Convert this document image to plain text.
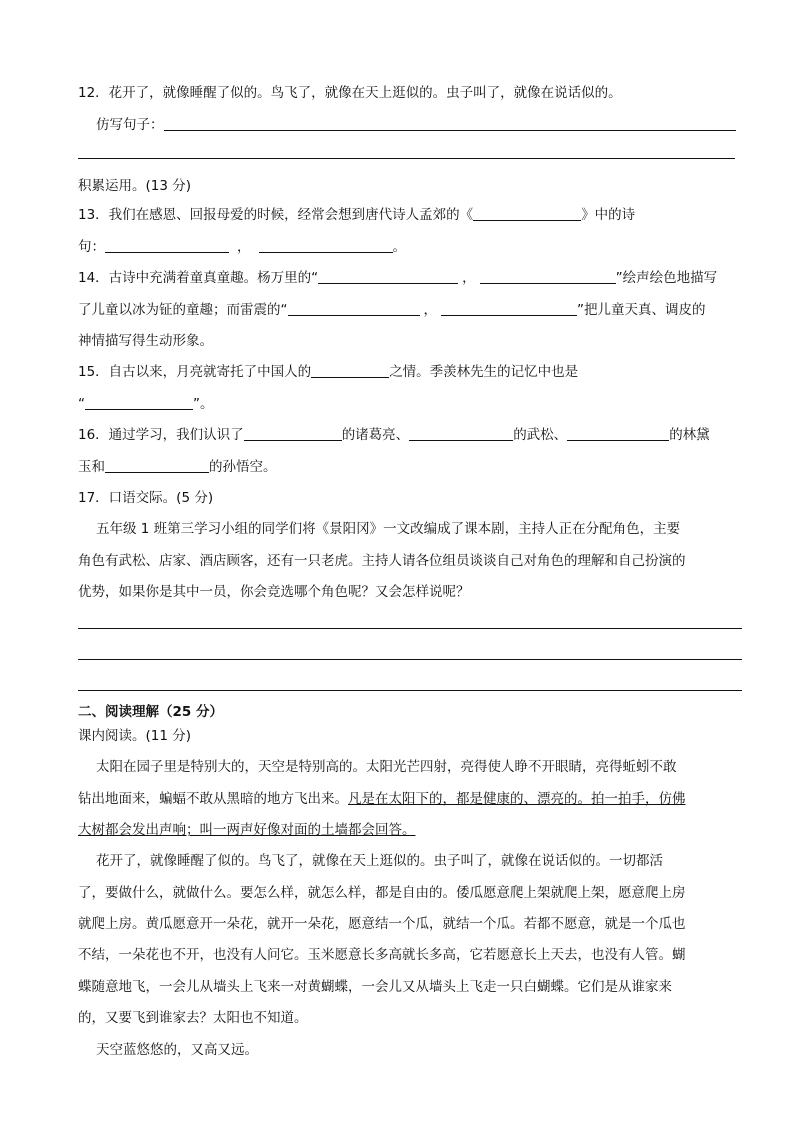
12．花开了，就像睡醒了似的。鸟飞了，就像在天上逛似的。虫子叫了，就像在说话似的。
仿写句子：
积累运用。(13 分)
13．我们在感恩、回报母爱的时候，经常会想到唐代诗人孟郊的《	》中的诗
句：	，	。
14．古诗中充满着童真童趣。杨万里的“	，	”绘声绘色地描写
了儿童以冰为钲的童趣；而雷震的“	，	”把儿童天真、调皮的
神情描写得生动形象。
15．自古以来，月亮就寄托了中国人的	之情。季羡林先生的记忆中也是
“	”。
16．通过学习，我们认识了	的诸葛亮、	的武松、	的林黛
玉和	的孙悟空。
17．口语交际。(5 分)
五年级 1 班第三学习小组的同学们将《景阳冈》一文改编成了课本剧，主持人正在分配角色，主要
角色有武松、店家、酒店顾客，还有一只老虎。主持人请各位组员谈谈自己对角色的理解和自己扮演的
优势，如果你是其中一员，你会竞选哪个角色呢？又会怎样说呢？
二、阅读理解（25 分）
课内阅读。(11 分)
太阳在园子里是特别大的，天空是特别高的。太阳光芒四射，亮得使人睁不开眼睛，亮得蚯蚓不敢
钻出地面来，蝙蝠不敢从黑暗的地方飞出来。凡是在太阳下的，都是健康的、漂亮的。拍一拍手，仿佛
大树都会发出声响；叫一两声好像对面的土墙都会回答。
花开了，就像睡醒了似的。鸟飞了，就像在天上逛似的。虫子叫了，就像在说话似的。一切都活
了，要做什么，就做什么。要怎么样，就怎么样，都是自由的。倭瓜愿意爬上架就爬上架，愿意爬上房
就爬上房。黄瓜愿意开一朵花，就开一朵花，愿意结一个瓜，就结一个瓜。若都不愿意，就是一个瓜也
不结，一朵花也不开，也没有人问它。玉米愿意长多高就长多高，它若愿意长上天去，也没有人管。蝴
蝶随意地飞，一会儿从墙头上飞来一对黄蝴蝶，一会儿又从墙头上飞走一只白蝴蝶。它们是从谁家来
的，又要飞到谁家去？太阳也不知道。
天空蓝悠悠的，又高又远。
